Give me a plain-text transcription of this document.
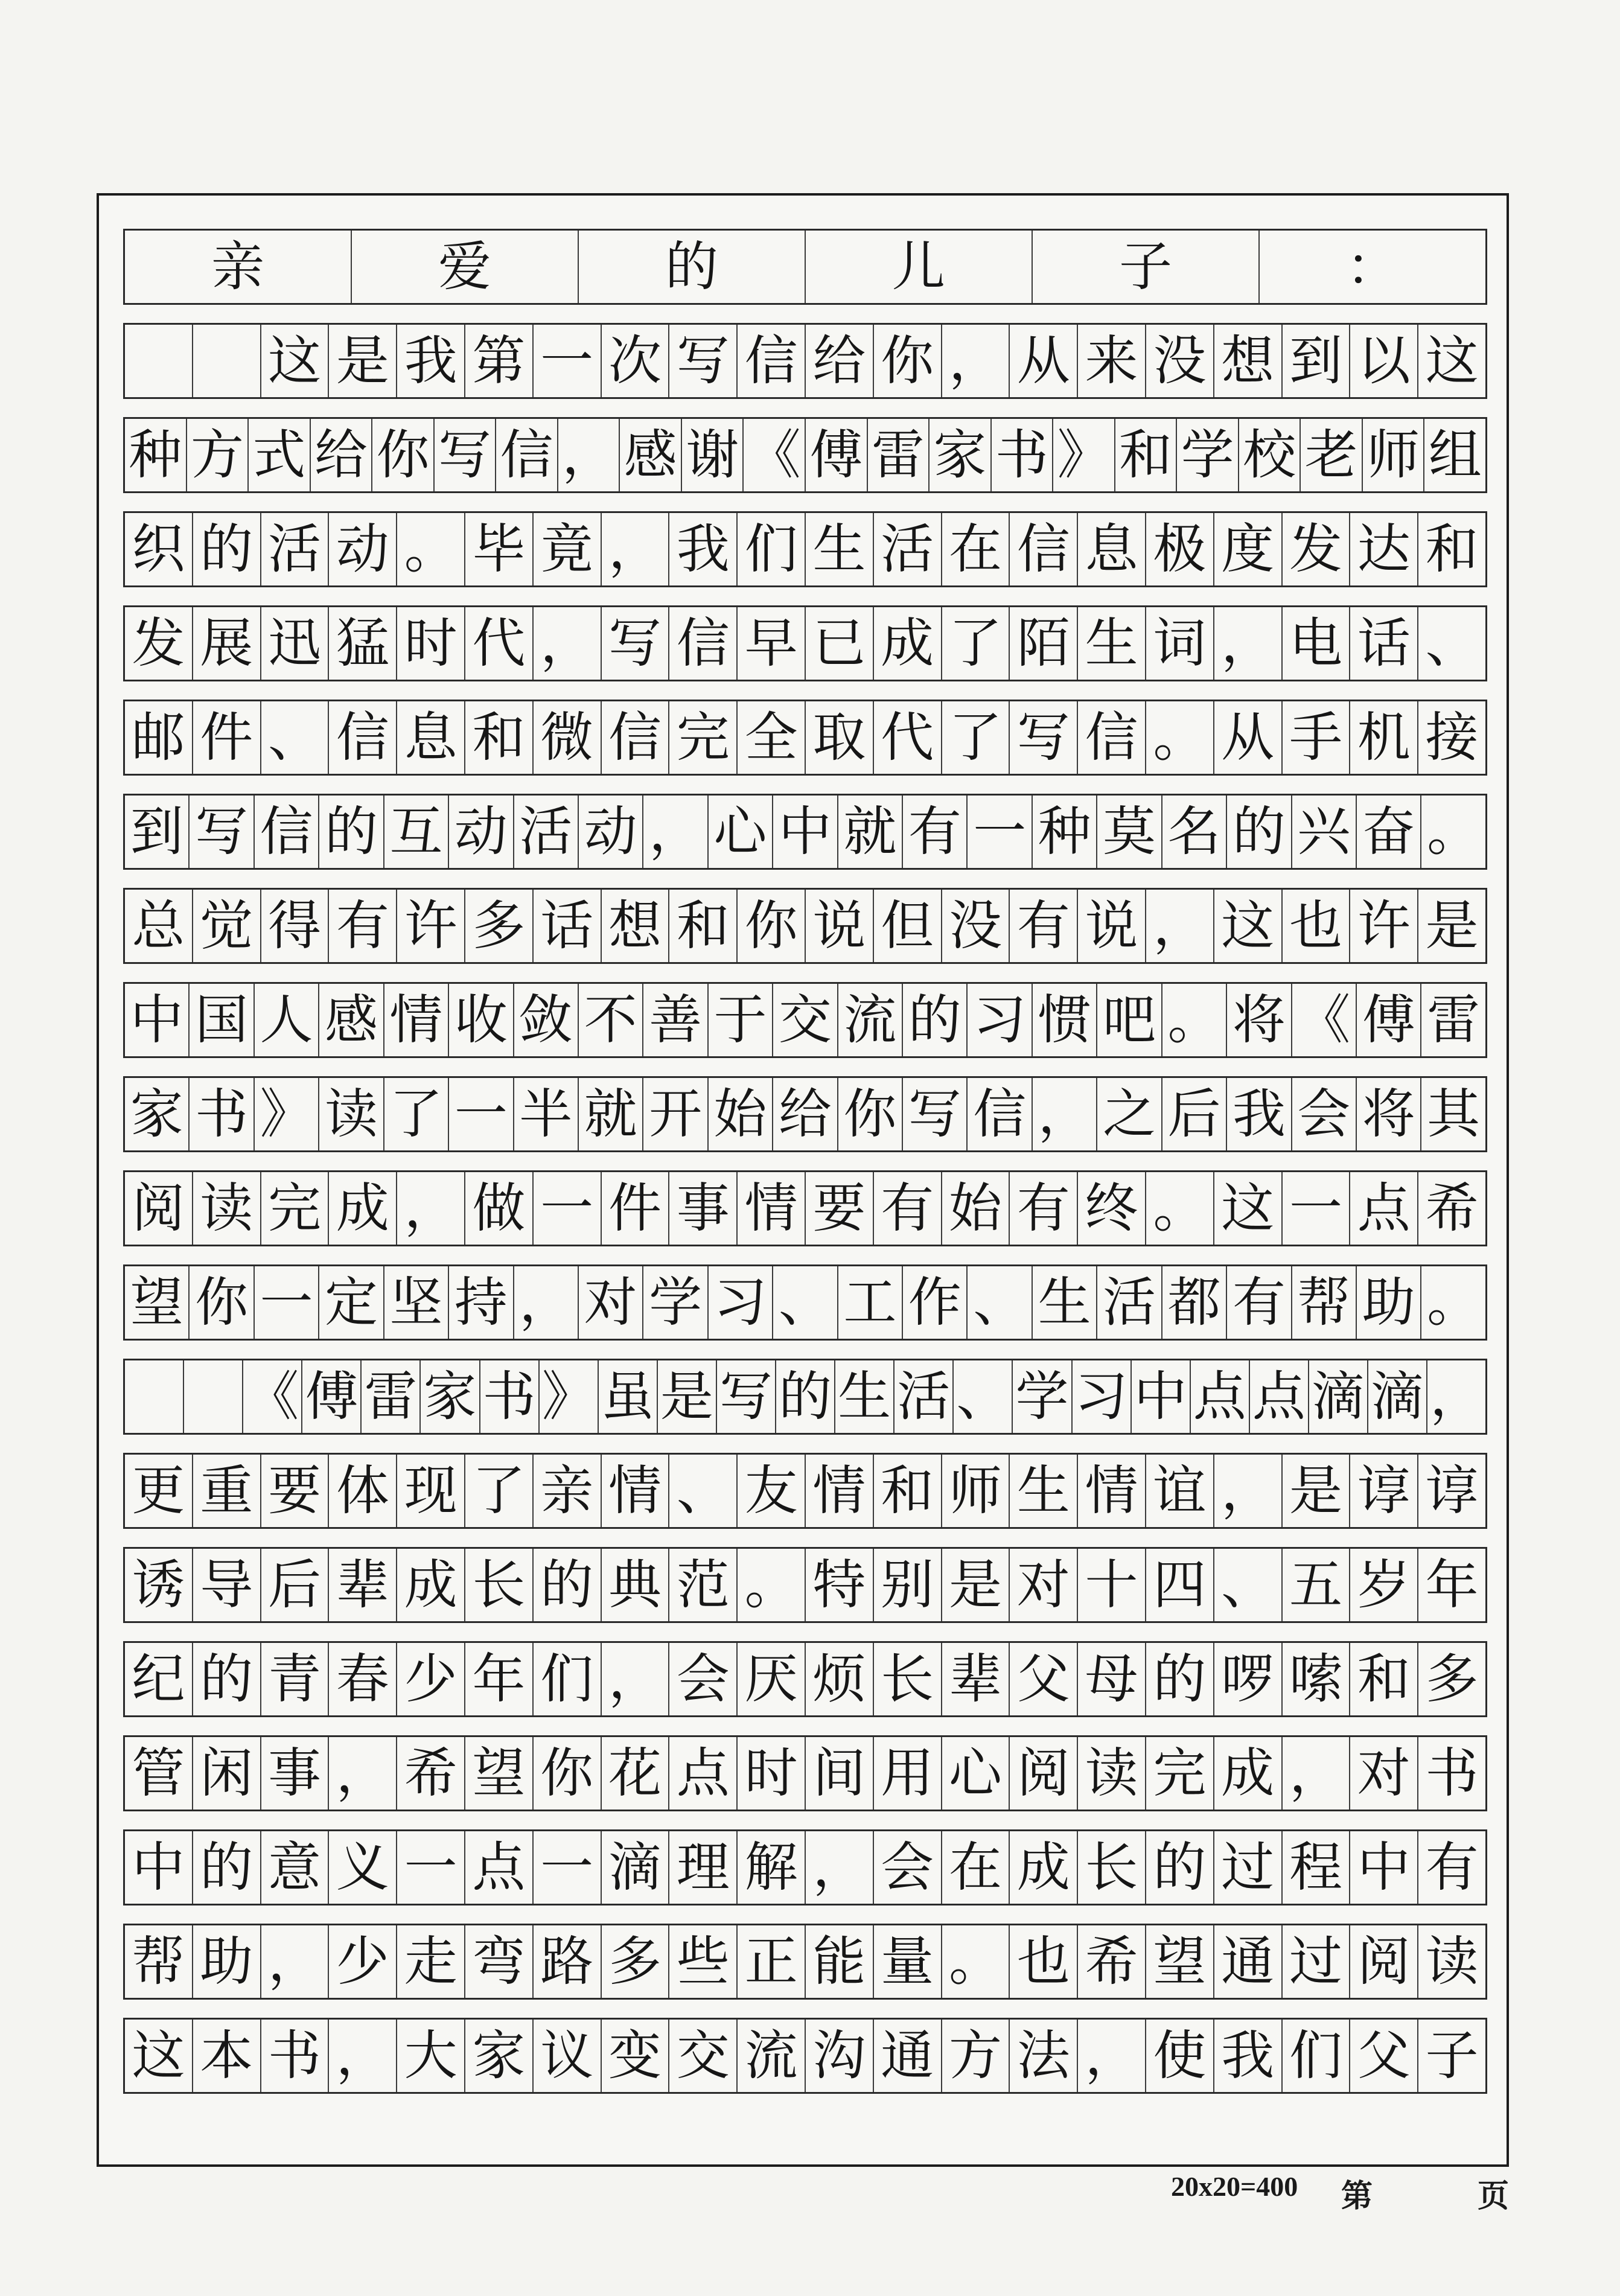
亲	爱	的	儿	子	：
这 是 我 第 一 次 写 信 给 你 ， 从 来 没 想 到 以 这
种 方 式 给 你 写 信 ， 感 谢 《 傅 雷 家 书 》 和 学 校 老 师 组
织 的 活 动 。 毕 竟 ， 我 们 生 活 在 信 息 极 度 发 达 和
发 展 迅 猛 时 代 ， 写 信 早 已 成 了 陌 生 词 ， 电 话 、
邮 件 、 信 息 和 微 信 完 全 取 代 了 写 信 。 从 手 机 接
到 写 信 的 互 动 活 动 ， 心 中 就 有 一 种 莫 名 的 兴 奋 。
总 觉 得 有 许 多 话 想 和 你 说 但 没 有 说 ， 这 也 许 是
中 国 人 感 情 收 敛 不 善 于 交 流 的 习 惯 吧 。 将 《 傅 雷
家 书 》 读 了 一 半 就 开 始 给 你 写 信 ， 之 后 我 会 将 其
阅 读 完 成 ， 做 一 件 事 情 要 有 始 有 终 。 这 一 点 希
望 你 一 定 坚 持 ， 对 学 习 、 工 作 、 生 活 都 有 帮 助 。
《 傅 雷 家 书 》 虽 是 写 的 生 活 、 学 习 中 点 点 滴 滴 ，
更 重 要 体 现 了 亲 情 、 友 情 和 师 生 情 谊 ， 是 谆 谆
诱 导 后 辈 成 长 的 典 范 。 特 别 是 对 十 四 、 五 岁 年
纪 的 青 春 少 年 们 ， 会 厌 烦 长 辈 父 母 的 啰 嗦 和 多
管 闲 事 ， 希 望 你 花 点 时 间 用 心 阅 读 完 成 ， 对 书
中 的 意 义 一 点 一 滴 理 解 ， 会 在 成 长 的 过 程 中 有
帮 助 ， 少 走 弯 路 多 些 正 能 量 。 也 希 望 通 过 阅 读
这 本 书 ， 大 家 议 变 交 流 沟 通 方 法 ， 使 我 们 父 子
20x20=400 第	页
